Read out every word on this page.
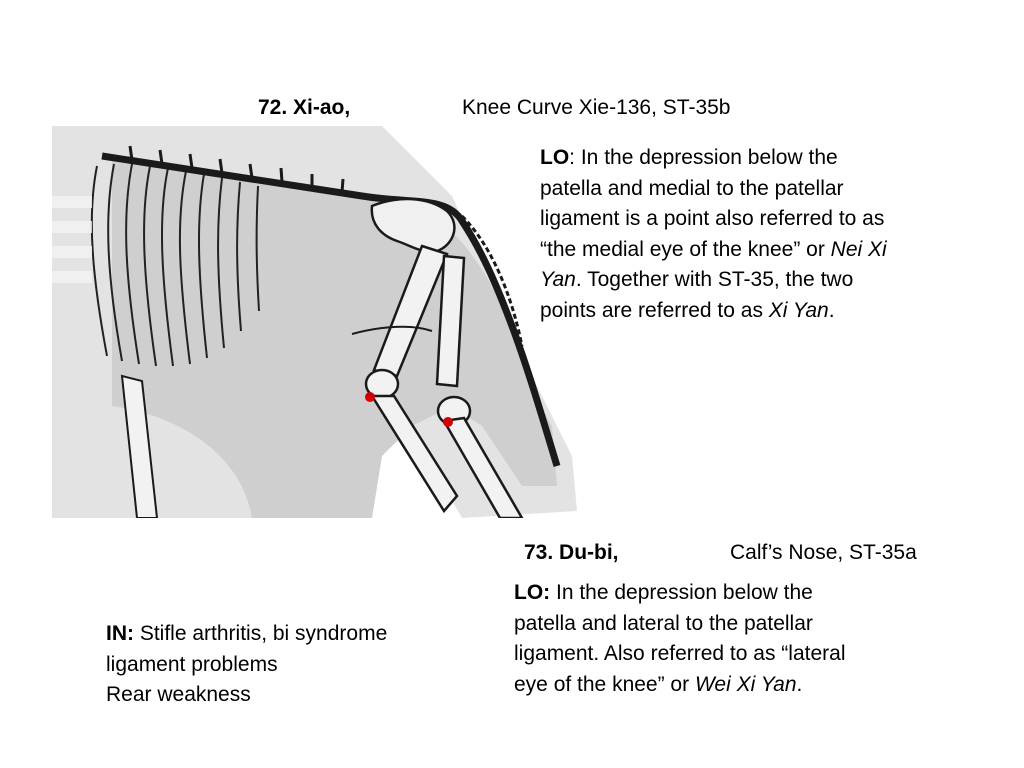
72. Xi-ao,	Knee Curve Xie-136, ST-35b
LO: In the depression below the
patella and medial to the patellar
ligament is a point also referred to as
“the medial eye of the knee” or Nei Xi
Yan. Together with ST-35, the two
points are referred to as Xi Yan.
73. Du-bi,	Calf’s Nose, ST-35a
LO: In the depression below the
patella and lateral to the patellar
ligament. Also referred to as “lateral
eye of the knee” or Wei Xi Yan.
IN: Stifle arthritis, bi syndrome
ligament problems
Rear weakness
